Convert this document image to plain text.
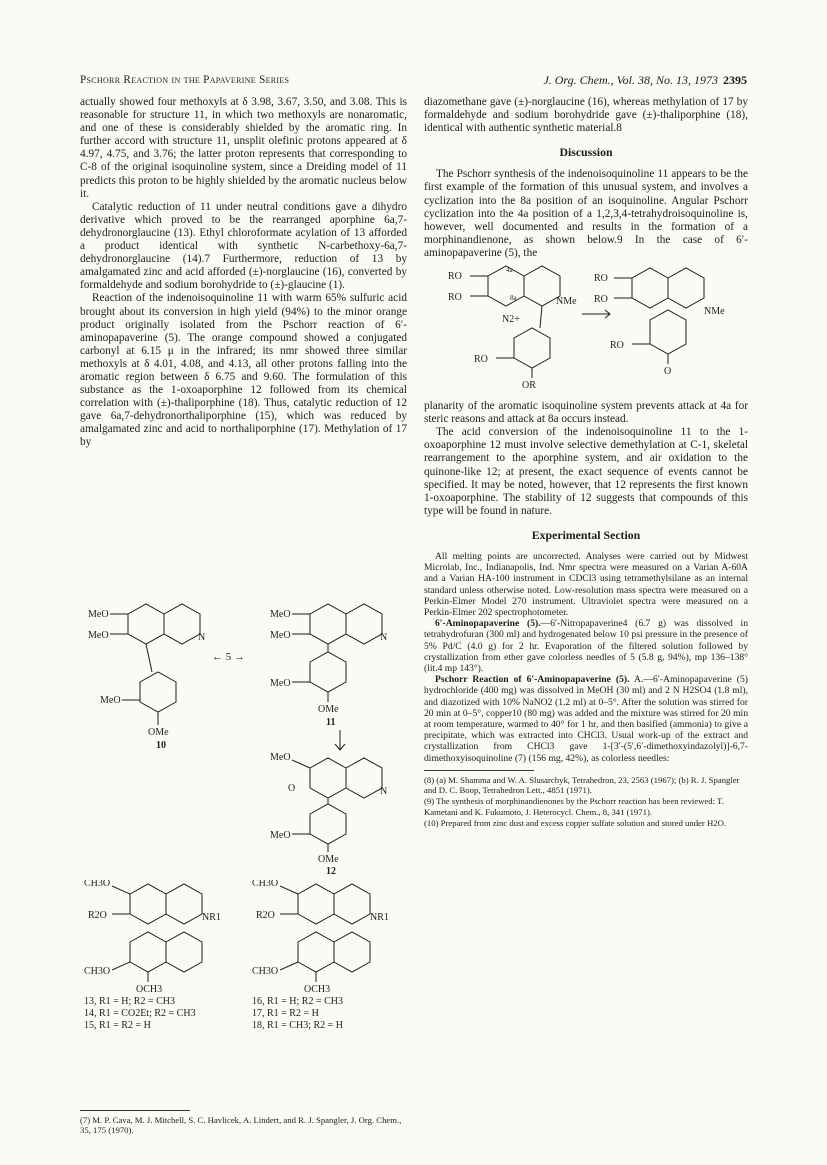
Pschorr Reaction in the Papaverine Series	J. Org. Chem., Vol. 38, No. 13, 1973 2395

actually showed four methoxyls at δ 3.98, 3.67, 3.50, and 3.08. This is reasonable for structure 11, in which two methoxyls are nonaromatic, and one of these is considerably shielded by the aromatic ring. In further accord with structure 11, unsplit olefinic protons appeared at δ 4.97, 4.75, and 3.76; the latter proton represents that corresponding to C-8 of the original isoquinoline system, since a Dreiding model of 11 predicts this proton to be highly shielded by the aromatic nucleus below it.

Catalytic reduction of 11 under neutral conditions gave a dihydro derivative which proved to be the rearranged aporphine 6a,7-dehydronorglaucine (13). Ethyl chloroformate acylation of 13 afforded a product identical with synthetic N-carbethoxy-6a,7-dehydronorglaucine (14).7 Furthermore, reduction of 13 by amalgamated zinc and acid afforded (±)-norglaucine (16), converted by formaldehyde and sodium borohydride to (±)-glaucine (1).

Reaction of the indenoisoquinoline 11 with warm 65% sulfuric acid brought about its conversion in high yield (94%) to the minor orange product originally isolated from the Pschorr reaction of 6′-aminopapaverine (5). The orange compound showed a conjugated carbonyl at 6.15 μ in the infrared; its nmr showed three similar methoxyls at δ 4.01, 4.08, and 4.13, all other protons falling into the aromatic region between δ 6.75 and 9.60. The formulation of this substance as the 1-oxoaporphine 12 followed from its chemical correlation with (±)-thaliporphine (18). Thus, catalytic reduction of 12 gave 6a,7-dehydronorthaliporphine (15), which was reduced by amalgamated zinc and acid to northaliporphine (17). Methylation of 17 by

MeO
MeO	N
MeO
OMe
← 5 →
MeO
MeO	N
MeO
OMe
MeO
O	N
MeO
OMe
10
11
12
CH3O
R2O	NR1
CH3O
OCH3
CH3O
R2O	NR1
CH3O
OCH3
13, R1 = H; R2 = CH3
14, R1 = CO2Et; R2 = CH3
15, R1 = R2 = H
16, R1 = H; R2 = CH3
17, R1 = R2 = H
18, R1 = CH3; R2 = H

(7) M. P. Cava, M. J. Mitchell, S. C. Havlicek, A. Lindert, and R. J. Spangler, J. Org. Chem., 35, 175 (1970).

diazomethane gave (±)-norglaucine (16), whereas methylation of 17 by formaldehyde and sodium borohydride gave (±)-thaliporphine (18), identical with authentic synthetic material.8

Discussion

The Pschorr synthesis of the indenoisoquinoline 11 appears to be the first example of the formation of this unusual system, and involves a cyclization into the 8a position of an isoquinoline. Angular Pschorr cyclization into the 4a position of a 1,2,3,4-tetrahydroisoquinoline is, however, well documented and results in the formation of a morphinandienone, as shown below.9 In the case of 6′-aminopapaverine (5), the

RO
RO
4a
8a	NMe
N2+
RO
OR
RO
RO
NMe
RO
O

planarity of the aromatic isoquinoline system prevents attack at 4a for steric reasons and attack at 8a occurs instead.

The acid conversion of the indenoisoquinoline 11 to the 1-oxoaporphine 12 must involve selective demethylation at C-1, skeletal rearrangement to the aporphine system, and air oxidation to the quinone-like 12; at present, the exact sequence of events cannot be specified. It may be noted, however, that 12 represents the first known 1-oxoaporphine. The stability of 12 suggests that compounds of this type will be found in nature.

Experimental Section

All melting points are uncorrected. Analyses were carried out by Midwest Microlab, Inc., Indianapolis, Ind. Nmr spectra were measured on a Varian A-60A and a Varian HA-100 instrument in CDCl3 using tetramethylsilane as an internal standard unless otherwise noted. Low-resolution mass spectra were measured on a Perkin-Elmer Model 270 instrument. Ultraviolet spectra were measured on a Perkin-Elmer 202 spectrophotometer.

6′-Aminopapaverine (5).—6′-Nitropapaverine4 (6.7 g) was dissolved in tetrahydrofuran (300 ml) and hydrogenated below 10 psi pressure in the presence of 5% Pd/C (4.0 g) for 2 hr. Evaporation of the filtered solution followed by crystallization from ether gave colorless needles of 5 (5.8 g, 94%), mp 136–138° (lit.4 mp 143°).

Pschorr Reaction of 6′-Aminopapaverine (5). A.—6′-Aminopapaverine (5) hydrochloride (400 mg) was dissolved in MeOH (30 ml) and 2 N H2SO4 (1.8 ml), and diazotized with 10% NaNO2 (1.2 ml) at 0–5°. After the solution was stirred for 20 min at 0–5°, copper10 (80 mg) was added and the mixture was stirred for 20 min at room temperature, warmed to 40° for 1 hr, and then basified (ammonia) to give a precipitate, which was extracted into CHCl3. Usual work-up of the extract and crystallization from CHCl3 gave 1-[3′-(5′,6′-dimethoxyindazolyl)]-6,7-dimethoxyisoquinoline (7) (156 mg, 42%), as colorless needles:

(8) (a) M. Shamma and W. A. Slusarchyk, Tetrahedron, 23, 2563 (1967); (b) R. J. Spangler and D. C. Boop, Tetrahedron Lett., 4851 (1971).

(9) The synthesis of morphinandienones by the Pschorr reaction has been reviewed: T. Kametani and K. Fukumoto, J. Heterocycl. Chem., 8, 341 (1971).

(10) Prepared from zinc dust and excess copper sulfate solution and stored under H2O.
